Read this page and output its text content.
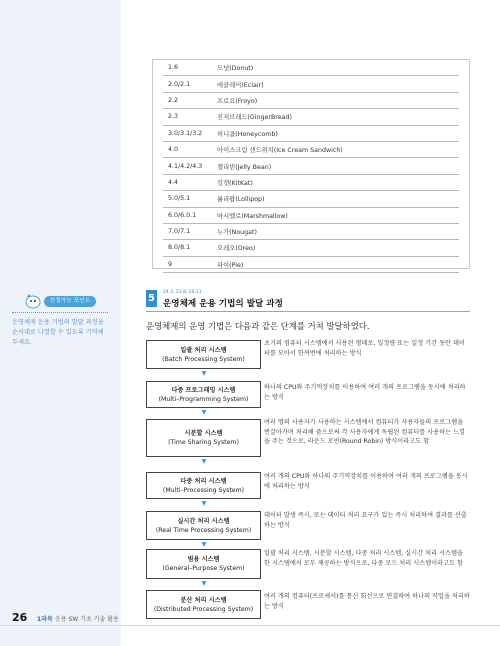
1.6	도넛(Donut)
2.0/2.1	에클레어(Eclair)
2.2	프로요(Froyo)
2.3	진저브레드(GingerBread)
3.0/3.1/3.2	허니콤(Honeycomb)
4.0	아이스크림 샌드위치(Ice Cream Sandwich)
4.1/4.2/4.3	젤리빈(Jelly Bean)
4.4	킷캣(KitKat)
5.0/5.1	롤리팝(Lollipop)
6.0/6.0.1	마시멜로(Marshmallow)
7.0/7.1	누가(Nougat)
8.0/8.1	오레오(Oreo)
9	파이(Pie)
친절가능 포인트
운영체제 운용 기법의 발달 과정을 순서대로 나열할 수 있도록 기억해 두세요.
5
24.3, 23.8, 20.11
운영체제 운용 기법의 발달 과정
운영체제의 운영 기법은 다음과 같은 단계를 거쳐 발달하였다.
일괄 처리 시스템
(Batch Processing System)
초기의 컴퓨터 시스템에서 사용된 형태로, 일정량 또는 일정 기간 동안 데이터를 모아서 한꺼번에 처리하는 방식
▼
다중 프로그래밍 시스템
(Multi–Programming System)
하나의 CPU와 주기억장치를 이용하여 여러 개의 프로그램을 동시에 처리하는 방식
▼
시분할 시스템
(Time Sharing System)
여러 명의 사용자가 사용하는 시스템에서 컴퓨터가 사용자들의 프로그램을 번갈아가며 처리해 줌으로써 각 사용자에게 독립된 컴퓨터를 사용하는 느낌을 주는 것으로, 라운드 로빈(Round Robin) 방식이라고도 함
▼
다중 처리 시스템
(Multi–Processing System)
여러 개의 CPU와 하나의 주기억장치를 이용하여 여러 개의 프로그램을 동시에 처리하는 방식
▼
실시간 처리 시스템
(Real Time Processing System)
데이터 발생 즉시, 또는 데이터 처리 요구가 있는 즉시 처리하여 결과를 산출하는 방식
▼
범용 시스템
(General–Purpose System)
일괄 처리 시스템, 시분할 시스템, 다중 처리 시스템, 실시간 처리 시스템을 한 시스템에서 모두 제공하는 방식으로, 다중 모드 처리 시스템이라고도 함
▼
분산 처리 시스템
(Distributed Processing System)
여러 개의 컴퓨터(프로세서)를 통신 회선으로 연결하여 하나의 작업을 처리하는 방식
26 1과목 응용 SW 기초 기술 활용
